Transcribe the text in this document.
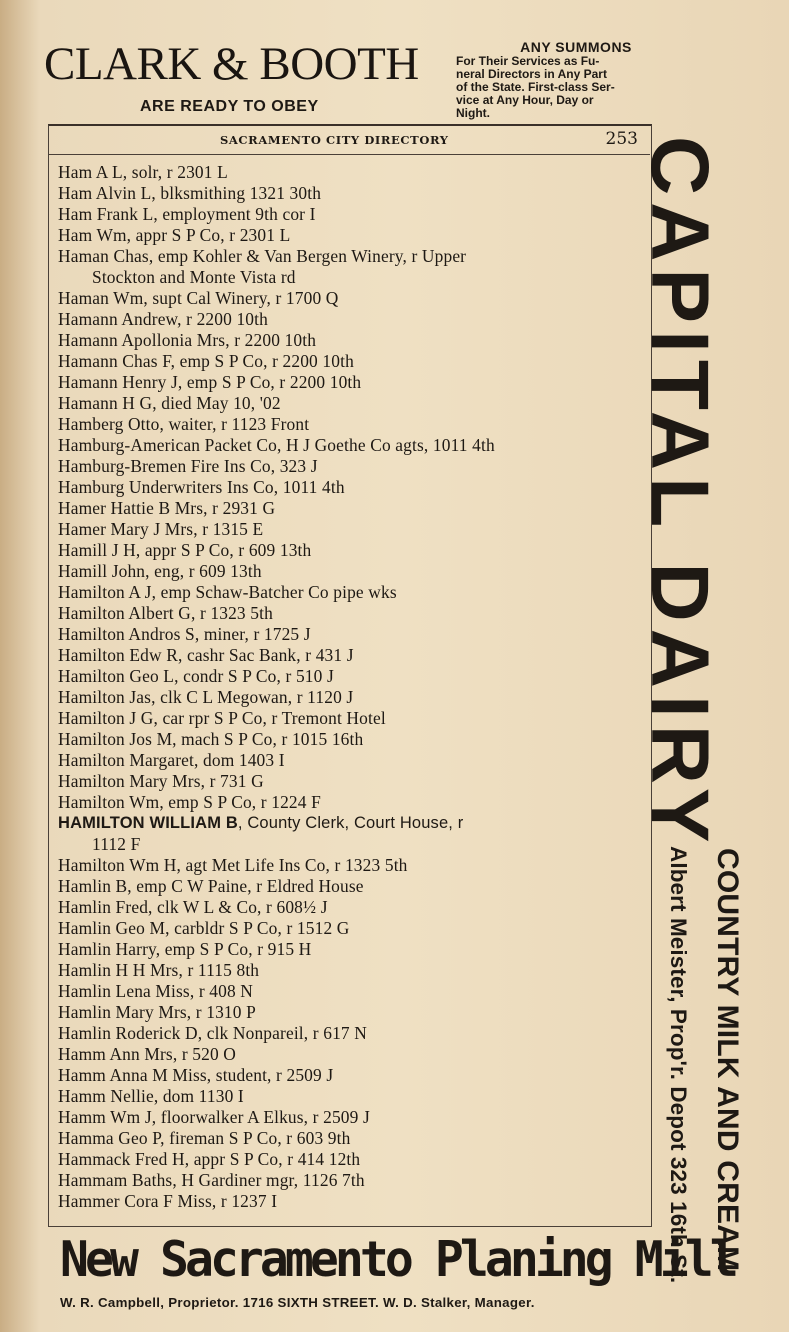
CLARK & BOOTH
ARE READY TO OBEY
ANY SUMMONS
For Their Services as Fu-
neral Directors in Any Part
of the State. First-class Ser-
vice at Any Hour, Day or
Night.
SACRAMENTO CITY DIRECTORY	253
Ham A L, solr, r 2301 L
Ham Alvin L, blksmithing 1321 30th
Ham Frank L, employment 9th cor I
Ham Wm, appr S P Co, r 2301 L
Haman Chas, emp Kohler & Van Bergen Winery, r Upper
Stockton and Monte Vista rd
Haman Wm, supt Cal Winery, r 1700 Q
Hamann Andrew, r 2200 10th
Hamann Apollonia Mrs, r 2200 10th
Hamann Chas F, emp S P Co, r 2200 10th
Hamann Henry J, emp S P Co, r 2200 10th
Hamann H G, died May 10, '02
Hamberg Otto, waiter, r 1123 Front
Hamburg-American Packet Co, H J Goethe Co agts, 1011 4th
Hamburg-Bremen Fire Ins Co, 323 J
Hamburg Underwriters Ins Co, 1011 4th
Hamer Hattie B Mrs, r 2931 G
Hamer Mary J Mrs, r 1315 E
Hamill J H, appr S P Co, r 609 13th
Hamill John, eng, r 609 13th
Hamilton A J, emp Schaw-Batcher Co pipe wks
Hamilton Albert G, r 1323 5th
Hamilton Andros S, miner, r 1725 J
Hamilton Edw R, cashr Sac Bank, r 431 J
Hamilton Geo L, condr S P Co, r 510 J
Hamilton Jas, clk C L Megowan, r 1120 J
Hamilton J G, car rpr S P Co, r Tremont Hotel
Hamilton Jos M, mach S P Co, r 1015 16th
Hamilton Margaret, dom 1403 I
Hamilton Mary Mrs, r 731 G
Hamilton Wm, emp S P Co, r 1224 F
HAMILTON WILLIAM B, County Clerk, Court House, r
1112 F
Hamilton Wm H, agt Met Life Ins Co, r 1323 5th
Hamlin B, emp C W Paine, r Eldred House
Hamlin Fred, clk W L & Co, r 608½ J
Hamlin Geo M, carbldr S P Co, r 1512 G
Hamlin Harry, emp S P Co, r 915 H
Hamlin H H Mrs, r 1115 8th
Hamlin Lena Miss, r 408 N
Hamlin Mary Mrs, r 1310 P
Hamlin Roderick D, clk Nonpareil, r 617 N
Hamm Ann Mrs, r 520 O
Hamm Anna M Miss, student, r 2509 J
Hamm Nellie, dom 1130 I
Hamm Wm J, floorwalker A Elkus, r 2509 J
Hamma Geo P, fireman S P Co, r 603 9th
Hammack Fred H, appr S P Co, r 414 12th
Hammam Baths, H Gardiner mgr, 1126 7th
Hammer Cora F Miss, r 1237 I
CAPITAL DAIRY
COUNTRY MILK AND CREAM
Albert Meister, Prop'r. Depot 323 16th St.
New Sacramento Planing Mill
W. R. Campbell, Proprietor. 1716 SIXTH STREET. W. D. Stalker, Manager.
